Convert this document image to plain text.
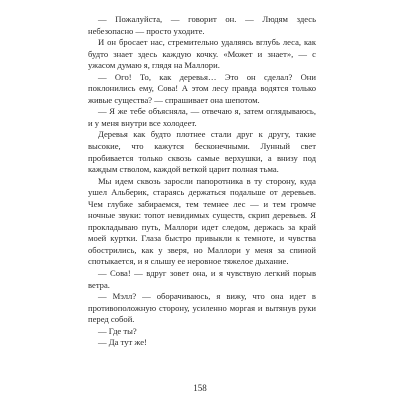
— Пожалуйста, — говорит он. — Людям здесь небезопасно — просто уходите.

И он бросает нас, стремительно удаляясь вглубь леса, как будто знает здесь каждую кочку. «Может и знает», — с ужасом думаю я, глядя на Маллори.

— Ого! То, как деревья… Это он сделал? Они поклонились ему, Сова! А этом лесу правда водятся только живые существа? — спрашивает она шепотом.

— Я же тебе объясняла, — отвечаю я, затем оглядываюсь, и у меня внутри все холодеет.

Деревья как будто плотнее стали друг к другу, такие высокие, что кажутся бесконечными. Лунный свет пробивается только сквозь самые верхушки, а внизу под каждым стволом, каждой веткой царит полная тьма.

Мы идем сквозь заросли папоротника в ту сторону, куда ушел Альберик, стараясь держаться подальше от деревьев. Чем глубже забираемся, тем темнее лес — и тем громче ночные звуки: топот невидимых существ, скрип деревьев. Я прокладываю путь, Маллори идет следом, держась за край моей куртки. Глаза быстро привыкли к темноте, и чувства обострились, как у зверя, но Маллори у меня за спиной спотыкается, и я слышу ее неровное тяжелое дыхание.

— Сова! — вдруг зовет она, и я чувствую легкий порыв ветра.

— Мэлл? — оборачиваюсь, я вижу, что она идет в противоположную сторону, усиленно моргая и вытянув руки перед собой.

— Где ты?

— Да тут же!

158
